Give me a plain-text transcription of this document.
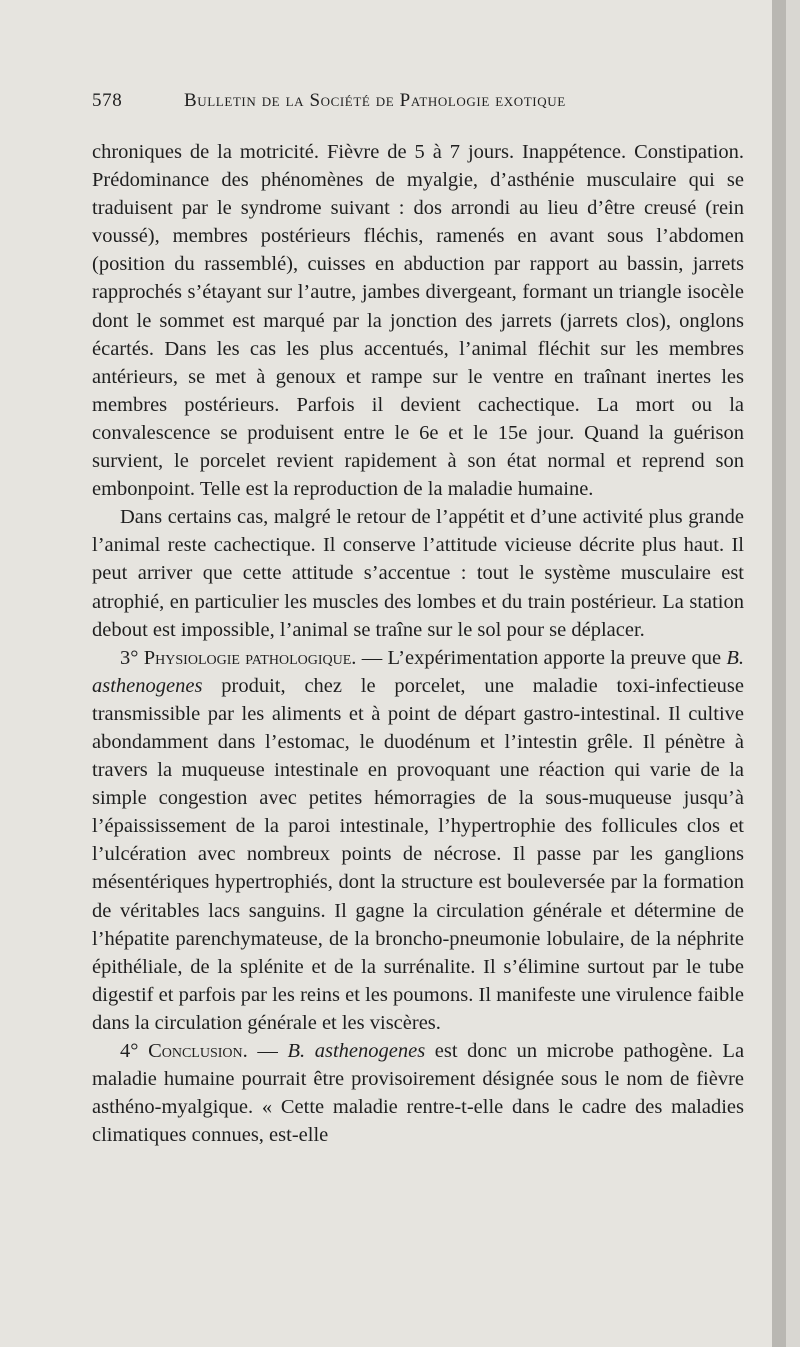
578	Bulletin de la Société de Pathologie exotique

chroniques de la motricité. Fièvre de 5 à 7 jours. Inappétence. Constipation. Prédominance des phénomènes de myalgie, d’asthénie musculaire qui se traduisent par le syndrome suivant : dos arrondi au lieu d’être creusé (rein voussé), membres postérieurs fléchis, ramenés en avant sous l’abdomen (position du rassemblé), cuisses en abduction par rapport au bassin, jarrets rapprochés s’étayant sur l’autre, jambes divergeant, formant un triangle isocèle dont le sommet est marqué par la jonction des jarrets (jarrets clos), onglons écartés. Dans les cas les plus accentués, l’animal fléchit sur les membres antérieurs, se met à genoux et rampe sur le ventre en traînant inertes les membres postérieurs. Parfois il devient cachectique. La mort ou la convalescence se produisent entre le 6e et le 15e jour. Quand la guérison survient, le porcelet revient rapidement à son état normal et reprend son embonpoint. Telle est la reproduction de la maladie humaine.

Dans certains cas, malgré le retour de l’appétit et d’une activité plus grande l’animal reste cachectique. Il conserve l’attitude vicieuse décrite plus haut. Il peut arriver que cette attitude s’accentue : tout le système musculaire est atrophié, en particulier les muscles des lombes et du train postérieur. La station debout est impossible, l’animal se traîne sur le sol pour se déplacer.

3° Physiologie pathologique. — L’expérimentation apporte la preuve que B. asthenogenes produit, chez le porcelet, une maladie toxi-infectieuse transmissible par les aliments et à point de départ gastro-intestinal. Il cultive abondamment dans l’estomac, le duodénum et l’intestin grêle. Il pénètre à travers la muqueuse intestinale en provoquant une réaction qui varie de la simple congestion avec petites hémorragies de la sous-muqueuse jusqu’à l’épaississement de la paroi intestinale, l’hypertrophie des follicules clos et l’ulcération avec nombreux points de nécrose. Il passe par les ganglions mésentériques hypertrophiés, dont la structure est bouleversée par la formation de véritables lacs sanguins. Il gagne la circulation générale et détermine de l’hépatite parenchymateuse, de la broncho-pneumonie lobulaire, de la néphrite épithéliale, de la splénite et de la surrénalite. Il s’élimine surtout par le tube digestif et parfois par les reins et les poumons. Il manifeste une virulence faible dans la circulation générale et les viscères.

4° Conclusion. — B. asthenogenes est donc un microbe pathogène. La maladie humaine pourrait être provisoirement désignée sous le nom de fièvre asthéno-myalgique. « Cette maladie rentre-t-elle dans le cadre des maladies climatiques connues, est-elle
